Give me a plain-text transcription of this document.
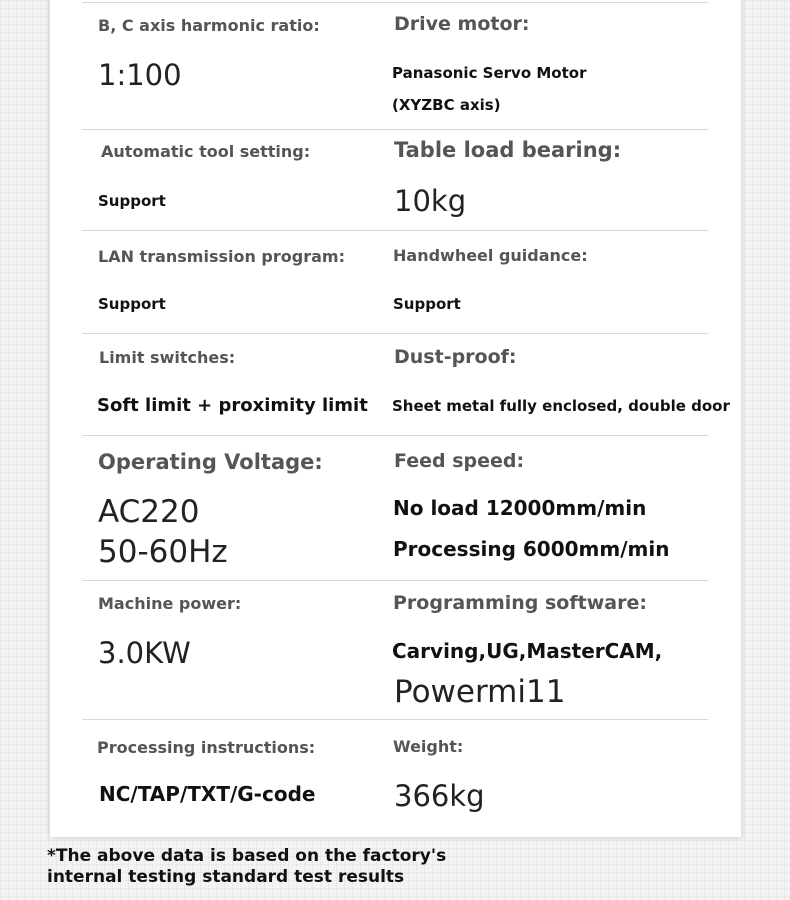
B, C axis harmonic ratio:
1:100
Drive motor:
Panasonic Servo Motor
(XYZBC axis)
Automatic tool setting:
Support
Table load bearing:
10kg
LAN transmission program:
Support
Handwheel guidance:
Support
Limit switches:
Soft limit + proximity limit
Dust-proof:
Sheet metal fully enclosed, double door
Operating Voltage:
AC220
50-60Hz
Feed speed:
No load 12000mm/min
Processing 6000mm/min
Machine power:
3.0KW
Programming software:
Carving,UG,MasterCAM,
Powermi11
Processing instructions:
NC/TAP/TXT/G-code
Weight:
366kg
*The above data is based on the factory's internal testing standard test results
